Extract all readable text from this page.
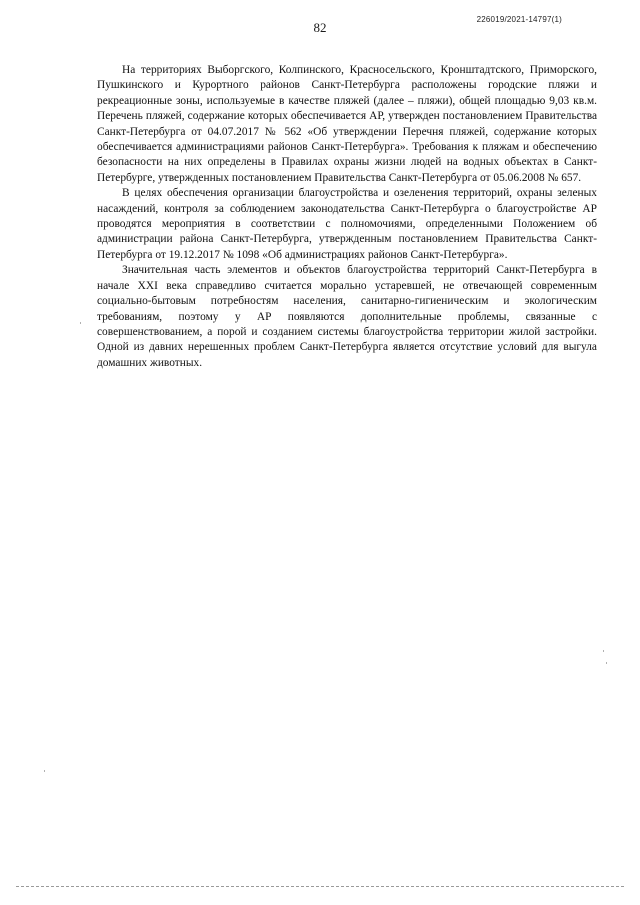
82
226019/2021-14797(1)

На территориях Выборгского, Колпинского, Красносельского, Кронштадтского, Приморского, Пушкинского и Курортного районов Санкт-Петербурга расположены городские пляжи и рекреационные зоны, используемые в качестве пляжей (далее – пляжи), общей площадью 9,03 кв.м. Перечень пляжей, содержание которых обеспечивается АР, утвержден постановлением Правительства Санкт-Петербурга от 04.07.2017 № 562 «Об утверждении Перечня пляжей, содержание которых обеспечивается администрациями районов Санкт-Петербурга». Требования к пляжам и обеспечению безопасности на них определены в Правилах охраны жизни людей на водных объектах в Санкт-Петербурге, утвержденных постановлением Правительства Санкт-Петербурга от 05.06.2008 № 657.

В целях обеспечения организации благоустройства и озеленения территорий, охраны зеленых насаждений, контроля за соблюдением законодательства Санкт-Петербурга о благоустройстве АР проводятся мероприятия в соответствии с полномочиями, определенными Положением об администрации района Санкт-Петербурга, утвержденным постановлением Правительства Санкт-Петербурга от 19.12.2017 № 1098 «Об администрациях районов Санкт-Петербурга».

Значительная часть элементов и объектов благоустройства территорий Санкт-Петербурга в начале XXI века справедливо считается морально устаревшей, не отвечающей современным социально-бытовым потребностям населения, санитарно-гигиеническим и экологическим требованиям, поэтому у АР появляются дополнительные проблемы, связанные с совершенствованием, а порой и созданием системы благоустройства территории жилой застройки. Одной из давних нерешенных проблем Санкт-Петербурга является отсутствие условий для выгула домашних животных.
